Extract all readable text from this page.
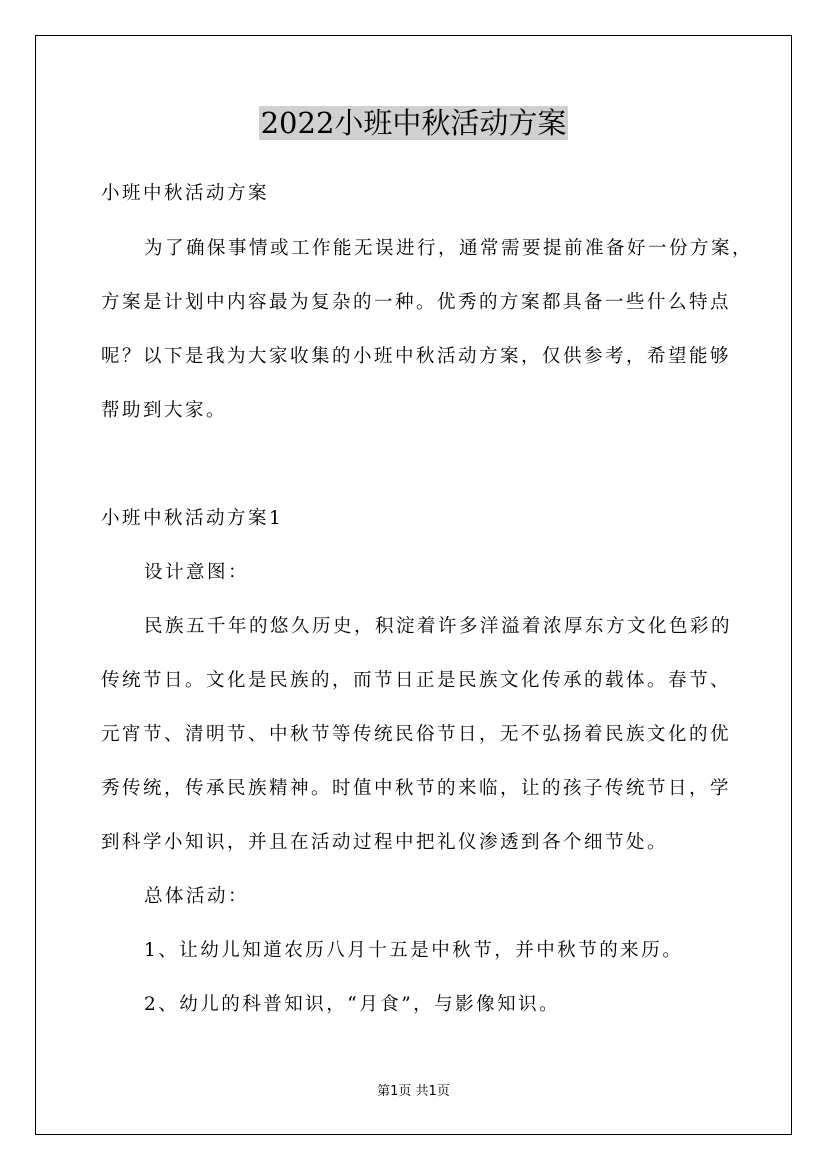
2022小班中秋活动方案
小班中秋活动方案
为了确保事情或工作能无误进行，通常需要提前准备好一份方案，
方案是计划中内容最为复杂的一种。优秀的方案都具备一些什么特点
呢？以下是我为大家收集的小班中秋活动方案，仅供参考，希望能够
帮助到大家。
小班中秋活动方案1
设计意图：
民族五千年的悠久历史，积淀着许多洋溢着浓厚东方文化色彩的
传统节日。文化是民族的，而节日正是民族文化传承的载体。春节、
元宵节、清明节、中秋节等传统民俗节日，无不弘扬着民族文化的优
秀传统，传承民族精神。时值中秋节的来临，让的孩子传统节日，学
到科学小知识，并且在活动过程中把礼仪渗透到各个细节处。
总体活动：
1、让幼儿知道农历八月十五是中秋节，并中秋节的来历。
2、幼儿的科普知识，“月食”，与影像知识。
第1页 共1页
